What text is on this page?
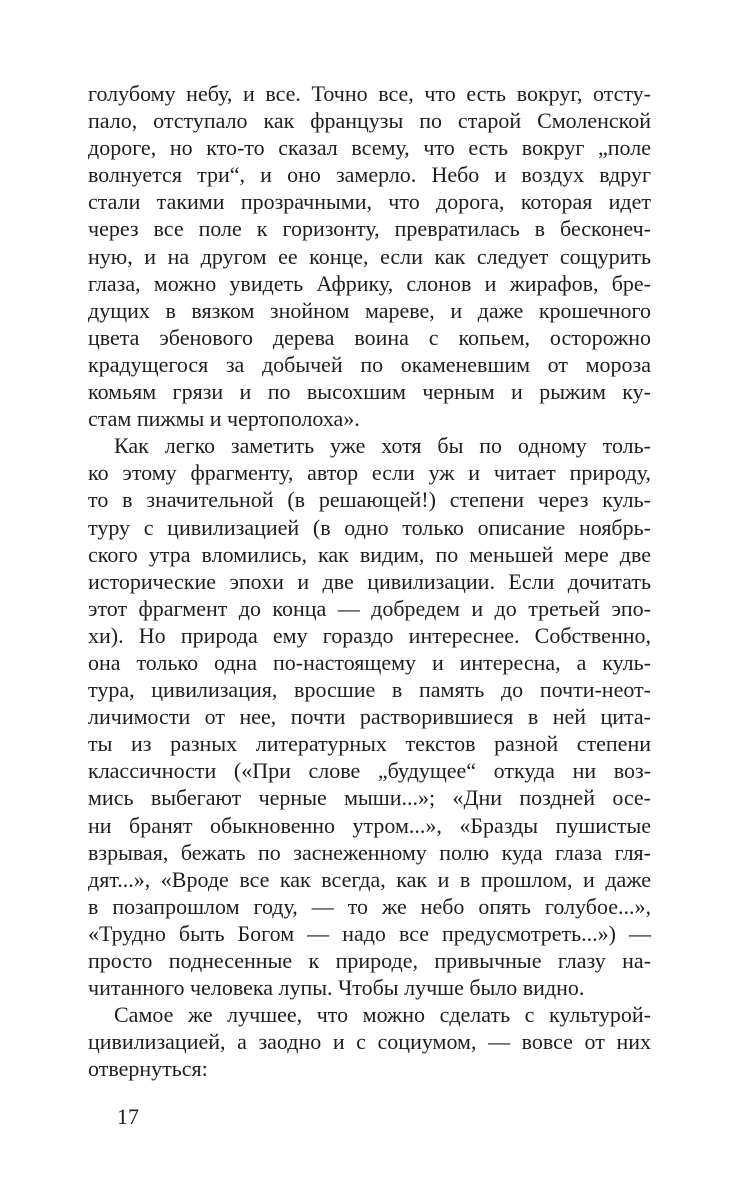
голубому небу, и все. Точно все, что есть вокруг, отсту-
пало, отступало как французы по старой Смоленской
дороге, но кто-то сказал всему, что есть вокруг „поле
волнуется три“, и оно замерло. Небо и воздух вдруг
стали такими прозрачными, что дорога, которая идет
через все поле к горизонту, превратилась в бесконеч-
ную, и на другом ее конце, если как следует сощурить
глаза, можно увидеть Африку, слонов и жирафов, бре-
дущих в вязком знойном мареве, и даже крошечного
цвета эбенового дерева воина с копьем, осторожно
крадущегося за добычей по окаменевшим от мороза
комьям грязи и по высохшим черным и рыжим ку-
стам пижмы и чертополоха».
Как легко заметить уже хотя бы по одному толь-
ко этому фрагменту, автор если уж и читает природу,
то в значительной (в решающей!) степени через куль-
туру с цивилизацией (в одно только описание ноябрь-
ского утра вломились, как видим, по меньшей мере две
исторические эпохи и две цивилизации. Если дочитать
этот фрагмент до конца — добредем и до третьей эпо-
хи). Но природа ему гораздо интереснее. Собственно,
она только одна по-настоящему и интересна, а куль-
тура, цивилизация, вросшие в память до почти-неот-
личимости от нее, почти растворившиеся в ней цита-
ты из разных литературных текстов разной степени
классичности («При слове „будущее“ откуда ни воз-
мись выбегают черные мыши...»; «Дни поздней осе-
ни бранят обыкновенно утром...», «Бразды пушистые
взрывая, бежать по заснеженному полю куда глаза гля-
дят...», «Вроде все как всегда, как и в прошлом, и даже
в позапрошлом году, — то же небо опять голубое...»,
«Трудно быть Богом — надо все предусмотреть...») —
просто поднесенные к природе, привычные глазу на-
читанного человека лупы. Чтобы лучше было видно.
Самое же лучшее, что можно сделать с культурой-
цивилизацией, а заодно и с социумом, — вовсе от них
отвернуться:
17
